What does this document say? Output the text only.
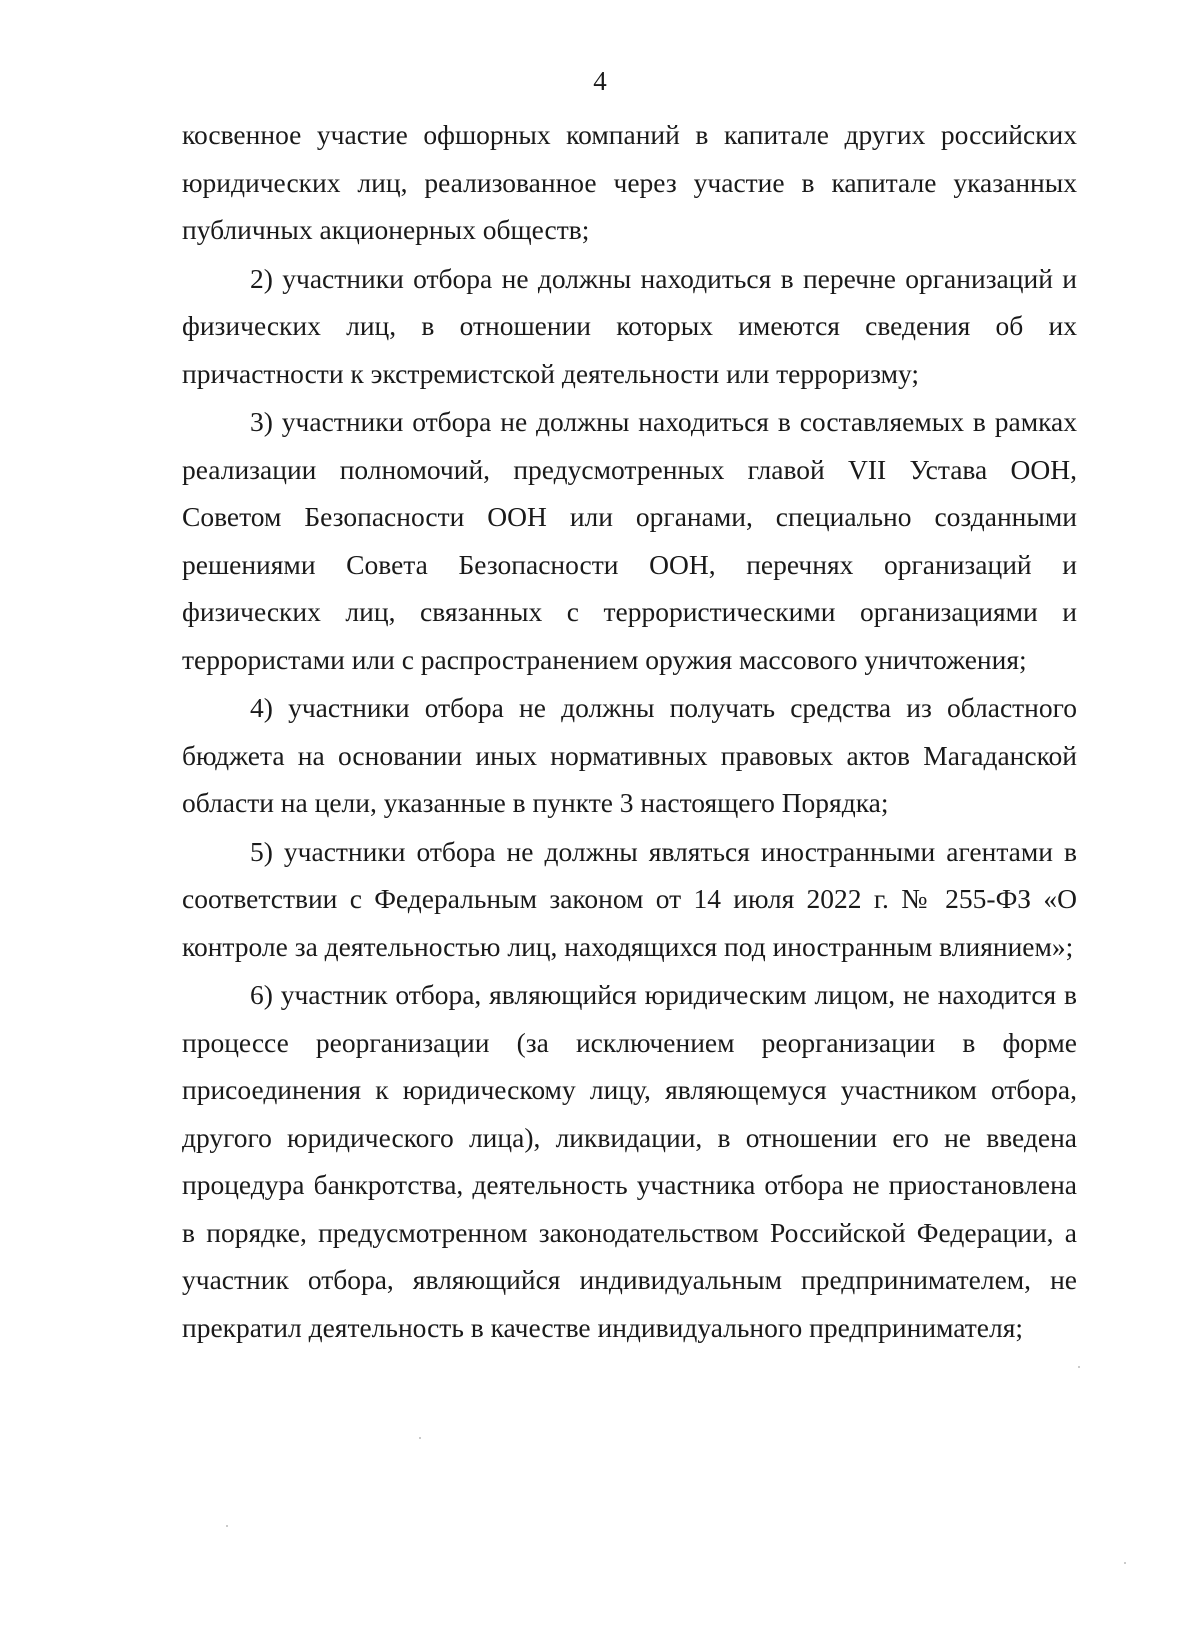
4

косвенное участие офшорных компаний в капитале других российских юридических лиц, реализованное через участие в капитале указанных публичных акционерных обществ;

2) участники отбора не должны находиться в перечне организаций и физических лиц, в отношении которых имеются сведения об их причастности к экстремистской деятельности или терроризму;

3) участники отбора не должны находиться в составляемых в рамках реализации полномочий, предусмотренных главой VII Устава ООН, Советом Безопасности ООН или органами, специально созданными решениями Совета Безопасности ООН, перечнях организаций и физических лиц, связанных с террористическими организациями и террористами или с распространением оружия массового уничтожения;

4) участники отбора не должны получать средства из областного бюджета на основании иных нормативных правовых актов Магаданской области на цели, указанные в пункте 3 настоящего Порядка;

5) участники отбора не должны являться иностранными агентами в соответствии с Федеральным законом от 14 июля 2022 г. № 255-ФЗ «О контроле за деятельностью лиц, находящихся под иностранным влиянием»;

6) участник отбора, являющийся юридическим лицом, не находится в процессе реорганизации (за исключением реорганизации в форме присоединения к юридическому лицу, являющемуся участником отбора, другого юридического лица), ликвидации, в отношении его не введена процедура банкротства, деятельность участника отбора не приостановлена в порядке, предусмотренном законодательством Российской Федерации, а участник отбора, являющийся индивидуальным предпринимателем, не прекратил деятельность в качестве индивидуального предпринимателя;
